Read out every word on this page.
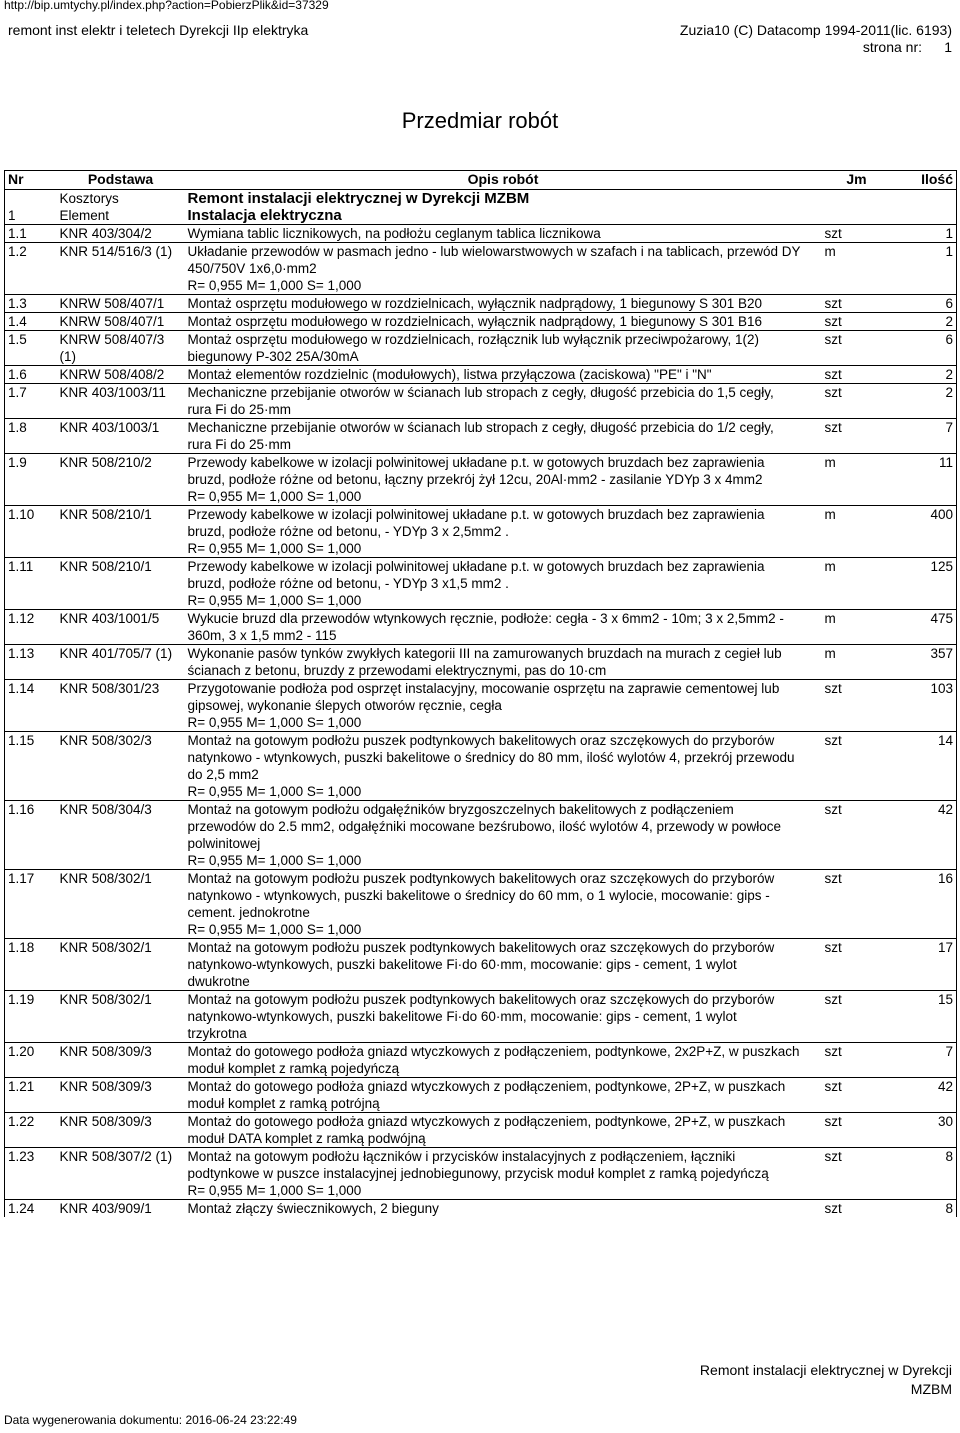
http://bip.umtychy.pl/index.php?action=PobierzPlik&id=37329
remont inst elektr i teletech Dyrekcji IIp elektryka	Zuzia10 (C) Datacomp 1994-2011(lic. 6193)
strona nr: 1
Przedmiar robót
Nr	Podstawa	Opis robót	Jm	Ilość
	Kosztorys	Remont instalacji elektrycznej w Dyrekcji MZBM		
1	Element	Instalacja elektryczna		
1.1	KNR 403/304/2	Wymiana tablic licznikowych, na podłożu ceglanym tablica licznikowa	szt	1
1.2	KNR 514/516/3 (1)	Układanie przewodów w pasmach jedno - lub wielowarstwowych w szafach i na tablicach, przewód DY 450/750V 1x6,0·mm2
R= 0,955 M= 1,000 S= 1,000	m	1
1.3	KNRW 508/407/1	Montaż osprzętu modułowego w rozdzielnicach, wyłącznik nadprądowy, 1 biegunowy S 301 B20	szt	6
1.4	KNRW 508/407/1	Montaż osprzętu modułowego w rozdzielnicach, wyłącznik nadprądowy, 1 biegunowy S 301 B16	szt	2
1.5	KNRW 508/407/3
(1)	Montaż osprzętu modułowego w rozdzielnicach, rozłącznik lub wyłącznik przeciwpożarowy, 1(2)
biegunowy P-302 25A/30mA	szt	6
1.6	KNRW 508/408/2	Montaż elementów rozdzielnic (modułowych), listwa przyłączowa (zaciskowa) "PE" i "N"	szt	2
1.7	KNR 403/1003/11	Mechaniczne przebijanie otworów w ścianach lub stropach z cegły, długość przebicia do 1,5 cegły,
rura Fi do 25·mm	szt	2
1.8	KNR 403/1003/1	Mechaniczne przebijanie otworów w ścianach lub stropach z cegły, długość przebicia do 1/2 cegły,
rura Fi do 25·mm	szt	7
1.9	KNR 508/210/2	Przewody kabelkowe w izolacji polwinitowej układane p.t. w gotowych bruzdach bez zaprawienia
bruzd, podłoże różne od betonu, łączny przekrój żył 12cu, 20Al·mm2 - zasilanie YDYp 3 x 4mm2
R= 0,955 M= 1,000 S= 1,000	m	11
1.10	KNR 508/210/1	Przewody kabelkowe w izolacji polwinitowej układane p.t. w gotowych bruzdach bez zaprawienia
bruzd, podłoże różne od betonu, - YDYp 3 x 2,5mm2 .
R= 0,955 M= 1,000 S= 1,000	m	400
1.11	KNR 508/210/1	Przewody kabelkowe w izolacji polwinitowej układane p.t. w gotowych bruzdach bez zaprawienia
bruzd, podłoże różne od betonu, - YDYp 3 x1,5 mm2 .
R= 0,955 M= 1,000 S= 1,000	m	125
1.12	KNR 403/1001/5	Wykucie bruzd dla przewodów wtynkowych ręcznie, podłoże: cegła - 3 x 6mm2 - 10m; 3 x 2,5mm2 -
360m, 3 x 1,5 mm2 - 115	m	475
1.13	KNR 401/705/7 (1)	Wykonanie pasów tynków zwykłych kategorii III na zamurowanych bruzdach na murach z cegieł lub
ścianach z betonu, bruzdy z przewodami elektrycznymi, pas do 10·cm	m	357
1.14	KNR 508/301/23	Przygotowanie podłoża pod osprzęt instalacyjny, mocowanie osprzętu na zaprawie cementowej lub
gipsowej, wykonanie ślepych otworów ręcznie, cegła
R= 0,955 M= 1,000 S= 1,000	szt	103
1.15	KNR 508/302/3	Montaż na gotowym podłożu puszek podtynkowych bakelitowych oraz szczękowych do przyborów
natynkowo - wtynkowych, puszki bakelitowe o średnicy do 80 mm, ilość wylotów 4, przekrój przewodu
do 2,5 mm2
R= 0,955 M= 1,000 S= 1,000	szt	14
1.16	KNR 508/304/3	Montaż na gotowym podłożu odgałęźników bryzgoszczelnych bakelitowych z podłączeniem
przewodów do 2.5 mm2, odgałęźniki mocowane bezśrubowo, ilość wylotów 4, przewody w powłoce
polwinitowej
R= 0,955 M= 1,000 S= 1,000	szt	42
1.17	KNR 508/302/1	Montaż na gotowym podłożu puszek podtynkowych bakelitowych oraz szczękowych do przyborów
natynkowo - wtynkowych, puszki bakelitowe o średnicy do 60 mm, o 1 wylocie, mocowanie: gips -
cement. jednokrotne
R= 0,955 M= 1,000 S= 1,000	szt	16
1.18	KNR 508/302/1	Montaż na gotowym podłożu puszek podtynkowych bakelitowych oraz szczękowych do przyborów
natynkowo-wtynkowych, puszki bakelitowe Fi·do 60·mm, mocowanie: gips - cement, 1 wylot
dwukrotne	szt	17
1.19	KNR 508/302/1	Montaż na gotowym podłożu puszek podtynkowych bakelitowych oraz szczękowych do przyborów
natynkowo-wtynkowych, puszki bakelitowe Fi·do 60·mm, mocowanie: gips - cement, 1 wylot
trzykrotna	szt	15
1.20	KNR 508/309/3	Montaż do gotowego podłoża gniazd wtyczkowych z podłączeniem, podtynkowe, 2x2P+Z, w puszkach
moduł komplet z ramką pojedyńczą	szt	7
1.21	KNR 508/309/3	Montaż do gotowego podłoża gniazd wtyczkowych z podłączeniem, podtynkowe, 2P+Z, w puszkach
moduł komplet z ramką potrójną	szt	42
1.22	KNR 508/309/3	Montaż do gotowego podłoża gniazd wtyczkowych z podłączeniem, podtynkowe, 2P+Z, w puszkach
moduł DATA komplet z ramką podwójną	szt	30
1.23	KNR 508/307/2 (1)	Montaż na gotowym podłożu łączników i przycisków instalacyjnych z podłączeniem, łączniki
podtynkowe w puszce instalacyjnej jednobiegunowy, przycisk moduł komplet z ramką pojedyńczą
R= 0,955 M= 1,000 S= 1,000	szt	8
1.24	KNR 403/909/1	Montaż złączy świecznikowych, 2 bieguny	szt	8
Remont instalacji elektrycznej w Dyrekcji
MZBM
Data wygenerowania dokumentu: 2016-06-24 23:22:49
